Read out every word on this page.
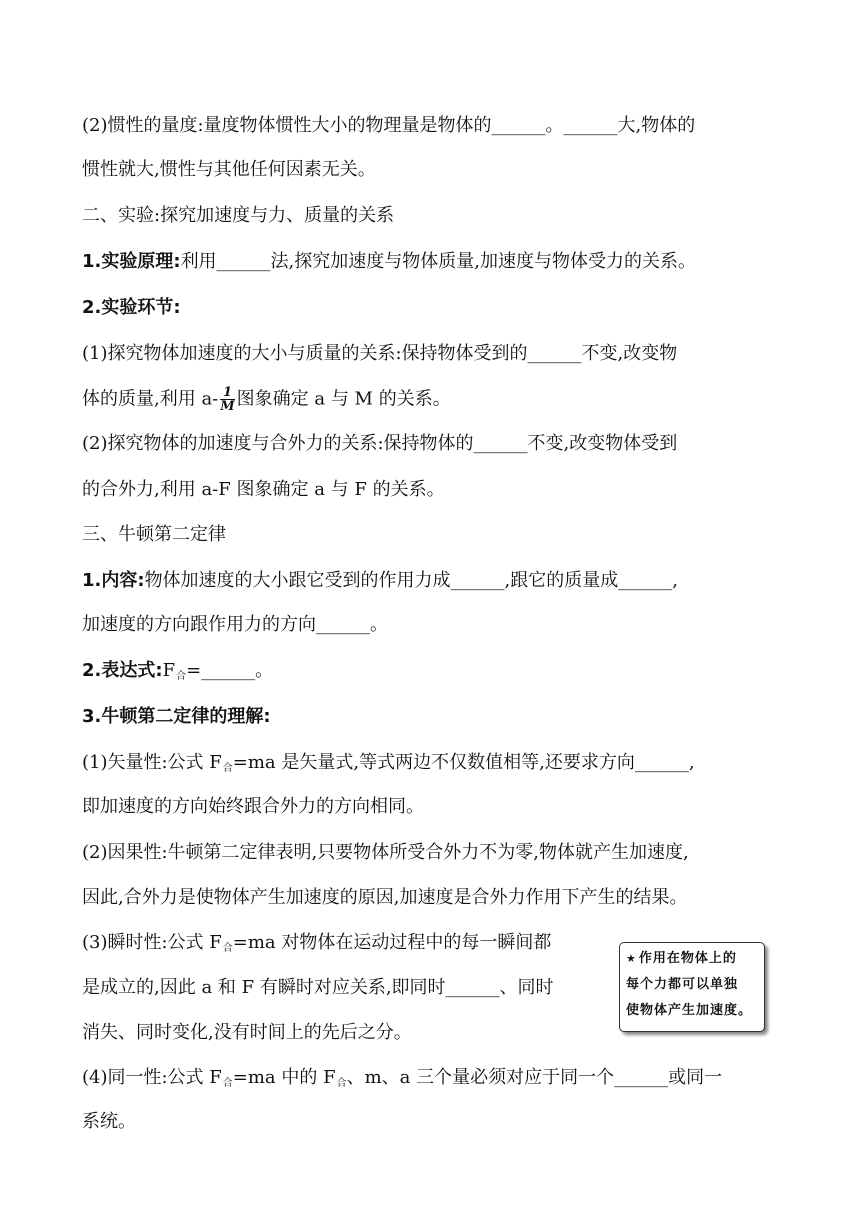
(2)惯性的量度:量度物体惯性大小的物理量是物体的______。______大,物体的
惯性就大,惯性与其他任何因素无关。
二、实验:探究加速度与力、质量的关系
1.实验原理:利用______法,探究加速度与物体质量,加速度与物体受力的关系。
2.实验环节:
(1)探究物体加速度的大小与质量的关系:保持物体受到的______不变,改变物
体的质量,利用 $a- \frac{1}{M}$ 图象确定 a 与 M 的关系。
(2)探究物体的加速度与合外力的关系:保持物体的______不变,改变物体受到
的合外力,利用 a-F 图象确定 a 与 F 的关系。
三、牛顿第二定律
1.内容:物体加速度的大小跟它受到的作用力成______,跟它的质量成______,
加速度的方向跟作用力的方向______。
2.表达式$:F_合=\_\_\_\_\_\_$。
3.牛顿第二定律的理解:
(1)矢量性:公式 $F_合=ma$ 是矢量式,等式两边不仅数值相等,还要求方向______,
即加速度的方向始终跟合外力的方向相同。
(2)因果性:牛顿第二定律表明,只要物体所受合外力不为零,物体就产生加速度,
因此,合外力是使物体产生加速度的原因,加速度是合外力作用下产生的结果。
(3)瞬时性:公式 $F_合=ma$ 对物体在运动过程中的每一瞬间都
是成立的,因此 a 和 F 有瞬时对应关系,即同时______、同时
消失、同时变化,没有时间上的先后之分。
(4)同一性:公式 $F_合=ma$ 中的 $F_合$、m、a 三个量必须对应于同一个______或同一
系统。
★ 作用在物体上的
每个力都可以单独
使物体产生加速度。
